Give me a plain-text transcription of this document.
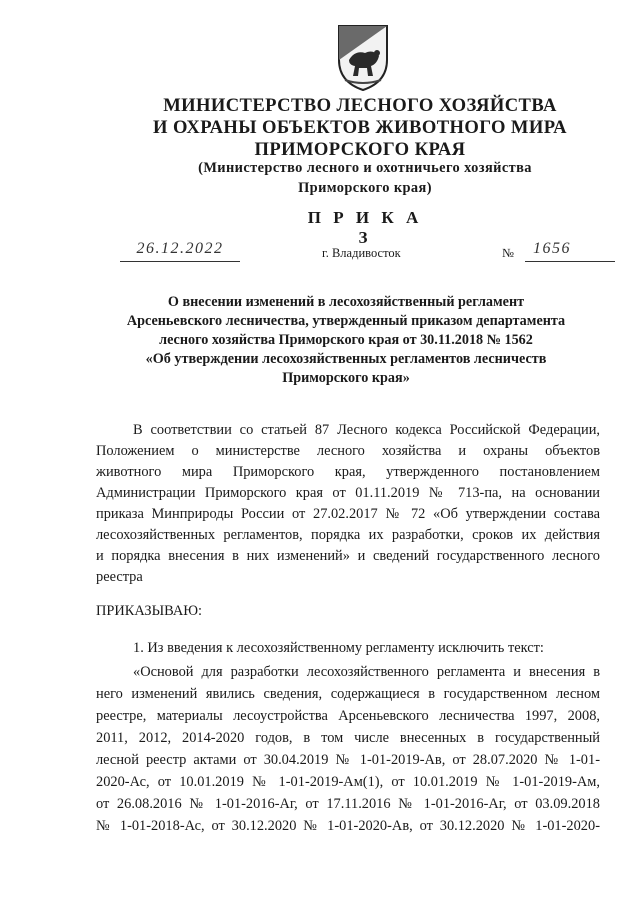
МИНИСТЕРСТВО ЛЕСНОГО ХОЗЯЙСТВА
И ОХРАНЫ ОБЪЕКТОВ ЖИВОТНОГО МИРА
ПРИМОРСКОГО КРАЯ
(Министерство лесного и охотничьего хозяйства
Приморского края)
П Р И К А З
26.12.2022	г. Владивосток	№ 1656
О внесении изменений в лесохозяйственный регламент
Арсеньевского лесничества, утвержденный приказом департамента
лесного хозяйства Приморского края от 30.11.2018 № 1562
«Об утверждении лесохозяйственных регламентов лесничеств
Приморского края»
В соответствии со статьей 87 Лесного кодекса Российской Федерации,
Положением о министерстве лесного хозяйства и охраны объектов
животного мира Приморского края, утвержденного постановлением
Администрации Приморского края от 01.11.2019 № 713-па, на основании
приказа Минприроды России от 27.02.2017 № 72 «Об утверждении состава
лесохозяйственных регламентов, порядка их разработки, сроков их действия
и порядка внесения в них изменений» и сведений государственного лесного
реестра
ПРИКАЗЫВАЮ:
1. Из введения к лесохозяйственному регламенту исключить текст:
«Основой для разработки лесохозяйственного регламента и внесения в
него изменений явились сведения, содержащиеся в государственном лесном
реестре, материалы лесоустройства Арсеньевского лесничества 1997, 2008,
2011, 2012, 2014-2020 годов, в том числе внесенных в государственный
лесной реестр актами от 30.04.2019 № 1-01-2019-Ав, от 28.07.2020 № 1-01-
2020-Ас, от 10.01.2019 № 1-01-2019-Ам(1), от 10.01.2019 № 1-01-2019-Ам,
от 26.08.2016 № 1-01-2016-Аг, от 17.11.2016 № 1-01-2016-Аг, от 03.09.2018
№ 1-01-2018-Ас, от 30.12.2020 № 1-01-2020-Ав, от 30.12.2020 № 1-01-2020-
